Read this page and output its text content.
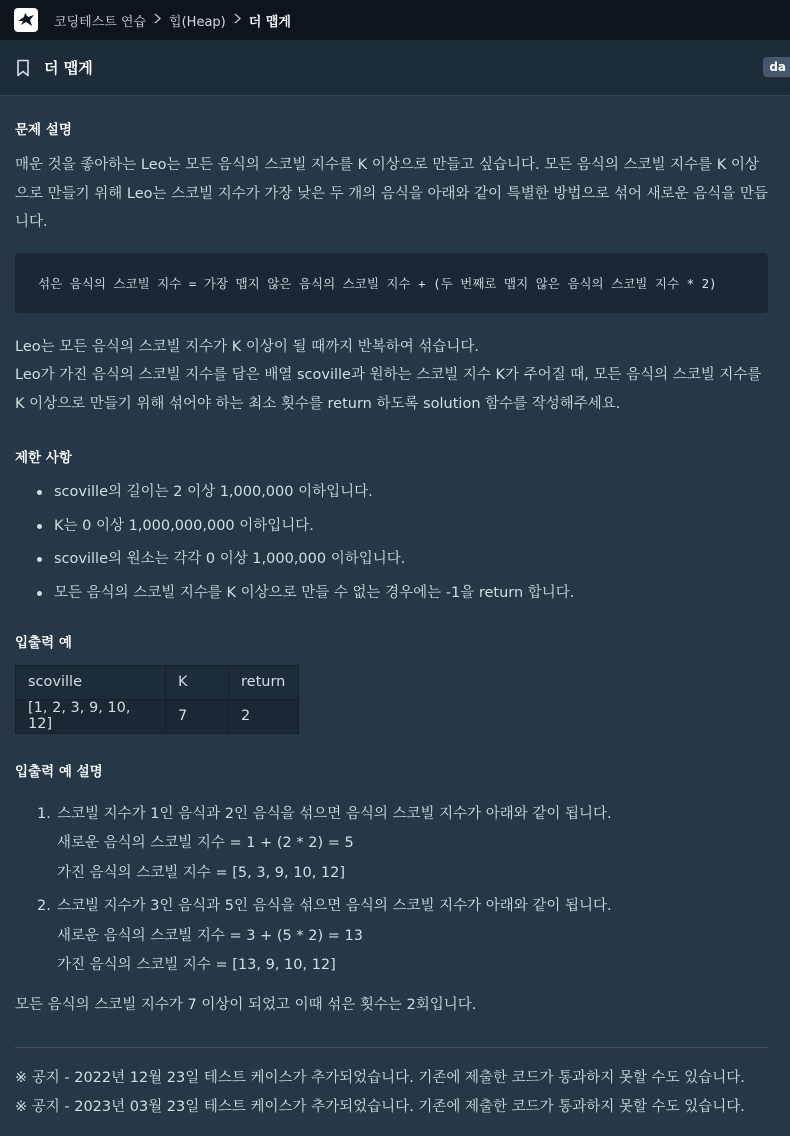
코딩테스트 연습 힙(Heap) 더 맵게
더 맵게	da
문제 설명

매운 것을 좋아하는 Leo는 모든 음식의 스코빌 지수를 K 이상으로 만들고 싶습니다. 모든 음식의 스코빌 지수를 K 이상으로 만들기 위해 Leo는 스코빌 지수가 가장 낮은 두 개의 음식을 아래와 같이 특별한 방법으로 섞어 새로운 음식을 만듭니다.

섞은 음식의 스코빌 지수 = 가장 맵지 않은 음식의 스코빌 지수 + (두 번째로 맵지 않은 음식의 스코빌 지수 * 2)

Leo는 모든 음식의 스코빌 지수가 K 이상이 될 때까지 반복하여 섞습니다.
Leo가 가진 음식의 스코빌 지수를 담은 배열 scoville과 원하는 스코빌 지수 K가 주어질 때, 모든 음식의 스코빌 지수를 K 이상으로 만들기 위해 섞어야 하는 최소 횟수를 return 하도록 solution 함수를 작성해주세요.

제한 사항
scoville의 길이는 2 이상 1,000,000 이하입니다.
K는 0 이상 1,000,000,000 이하입니다.
scoville의 원소는 각각 0 이상 1,000,000 이하입니다.
모든 음식의 스코빌 지수를 K 이상으로 만들 수 없는 경우에는 -1을 return 합니다.
입출력 예
scoville	K	return
[1, 2, 3, 9, 10, 12]	7	2
입출력 예 설명
1. 스코빌 지수가 1인 음식과 2인 음식을 섞으면 음식의 스코빌 지수가 아래와 같이 됩니다.
새로운 음식의 스코빌 지수 = 1 + (2 * 2) = 5
가진 음식의 스코빌 지수 = [5, 3, 9, 10, 12]
2. 스코빌 지수가 3인 음식과 5인 음식을 섞으면 음식의 스코빌 지수가 아래와 같이 됩니다.
새로운 음식의 스코빌 지수 = 3 + (5 * 2) = 13
가진 음식의 스코빌 지수 = [13, 9, 10, 12]

모든 음식의 스코빌 지수가 7 이상이 되었고 이때 섞은 횟수는 2회입니다.

※ 공지 - 2022년 12월 23일 테스트 케이스가 추가되었습니다. 기존에 제출한 코드가 통과하지 못할 수도 있습니다.

※ 공지 - 2023년 03월 23일 테스트 케이스가 추가되었습니다. 기존에 제출한 코드가 통과하지 못할 수도 있습니다.
